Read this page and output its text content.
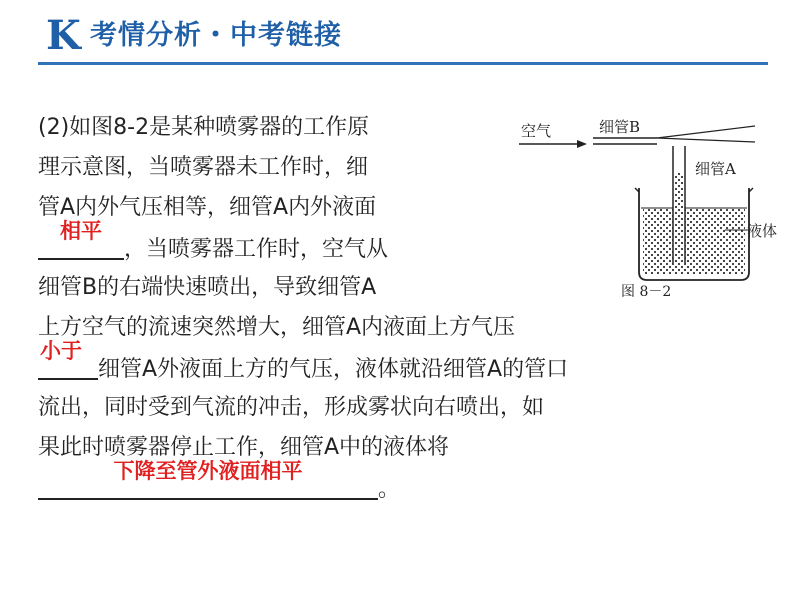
K 考情分析・中考链接
(2)如图8-2是某种喷雾器的工作原
理示意图，当喷雾器未工作时，细
管A内外气压相等，细管A内外液面
相平
，当喷雾器工作时，空气从
细管B的右端快速喷出，导致细管A
上方空气的流速突然增大，细管A内液面上方气压
小于
细管A外液面上方的气压，液体就沿细管A的管口
流出，同时受到气流的冲击，形成雾状向右喷出，如
果此时喷雾器停止工作，细管A中的液体将
下降至管外液面相平
。
空气	细管B
细管A
液体
图 8－2
